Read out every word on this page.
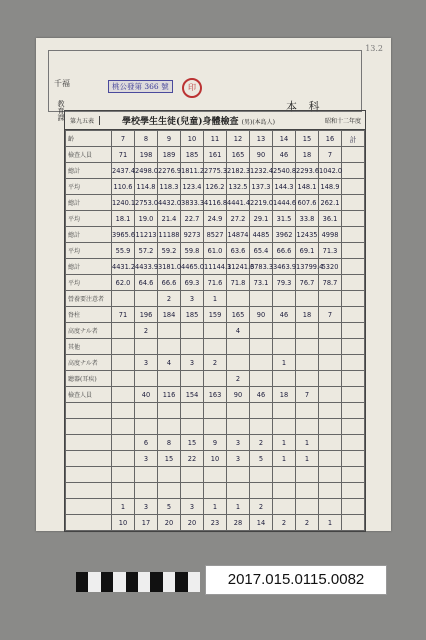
13.2
千福	桃公發第 366 號	印
教育課	本 科
第九五表	學校學生生徒(兒童)身體檢查 (男)(本島人)	昭和十二年度
齡	7	8	9	10	11	12	13	14	15	16	計
檢查人員	71	198	189	185	161	165	90	46	18	7	
總計	2437.4	2498.0	2276.9	1811.2	2775.3	2182.3	1232.4	2540.8	2293.6	1042.0	
平均	110.6	114.8	118.3	123.4	126.2	132.5	137.3	144.3	148.1	148.9	
總計	1240.1	2753.0	4432.0	3833.3	4116.8	4441.4	2219.0	1444.6	607.6	262.1	
平均	18.1	19.0	21.4	22.7	24.9	27.2	29.1	31.5	33.8	36.1	
總計	3965.6	11213	11188	9273	8527	14874	4485	3962	12435	4998	
平均	55.9	57.2	59.2	59.8	61.0	63.6	65.4	66.6	69.1	71.3	
總計	4431.2	4433.9	3181.0	4465.0	11144.3	11241.3	6783.3	3463.9	13799.4	5320	
平均	62.0	64.6	66.6	69.3	71.6	71.8	73.1	79.3	76.7	78.7	
營養要注意者			2	3	1						
脊柱	71	196	184	185	159	165	90	46	18	7	
高度ナル者		2				4					
其他											
高度ナル者		3	4	3	2			1			
聽器(耳疾)						2					
檢查人員		40	116	154	163	90	46	18	7		

		6	8	15	9	3	2	1	1		
		3	15	22	10	3	5	1	1		

	1	3	5	3	1	1	2				
	10	17	20	20	23	28	14	2	2	1	
2017.015.0115.0082
